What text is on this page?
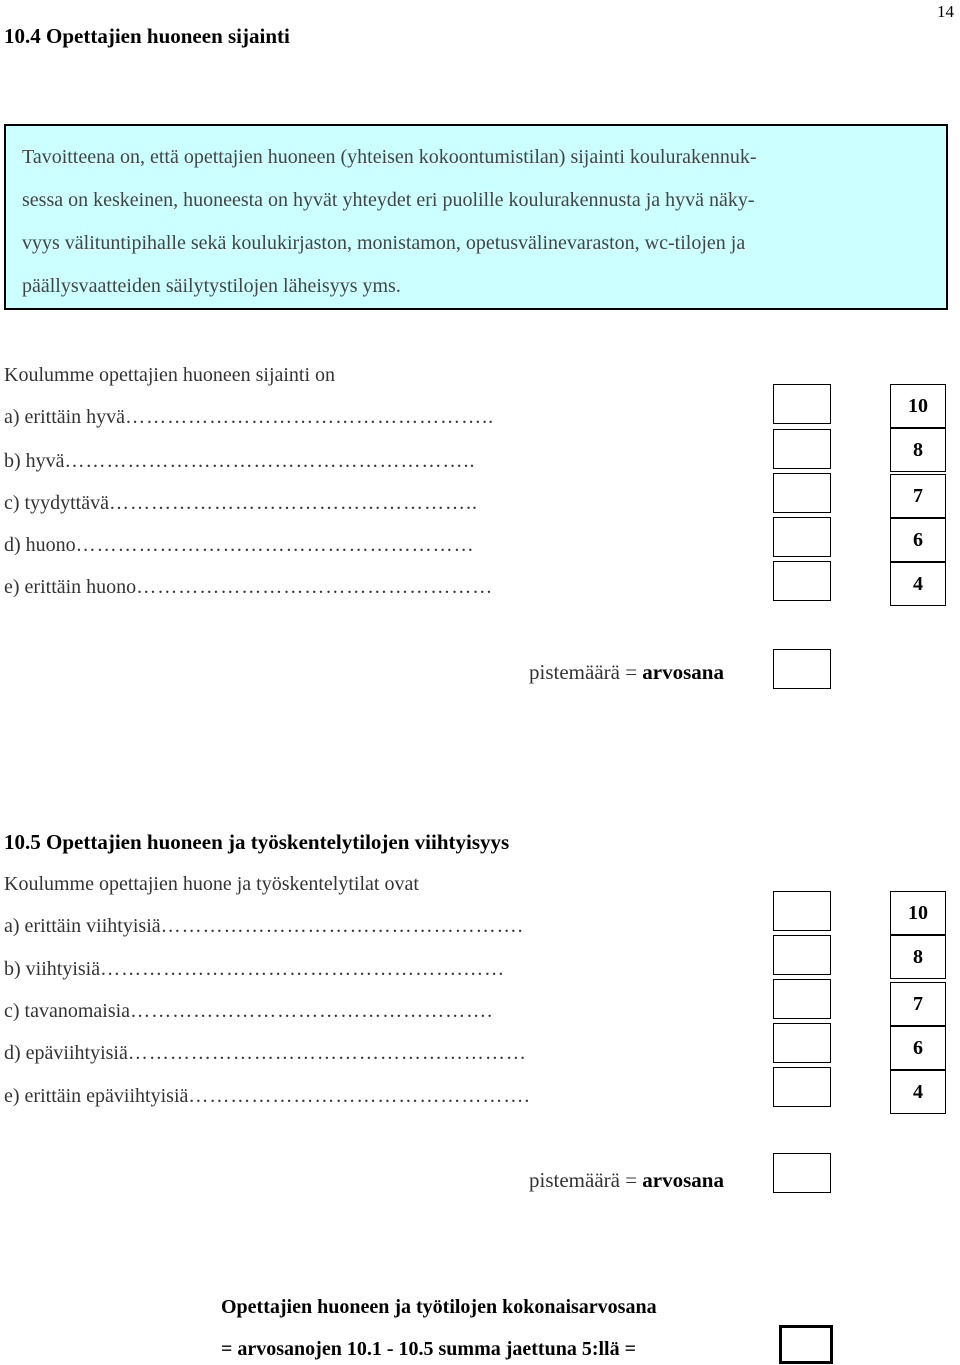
14
10.4 Opettajien huoneen sijainti

Tavoitteena on, että opettajien huoneen (yhteisen kokoontumistilan) sijainti koulurakennuk-

sessa on keskeinen, huoneesta on hyvät yhteydet eri puolille koulurakennusta ja hyvä näky-

vyys välituntipihalle sekä koulukirjaston, monistamon, opetusvälinevaraston, wc-tilojen ja

päällysvaatteiden säilytystilojen läheisyys yms.

Koulumme opettajien huoneen sijainti on
a) erittäin hyvä……………………………………………..
b) hyvä…………………………………………………..
c) tyydyttävä……………………………………………..
d) huono…………………………………………………
e) erittäin huono……………………………………………
10
8
7
6
4
pistemäärä = arvosana
10.5 Opettajien huoneen ja työskentelytilojen viihtyisyys
Koulumme opettajien huone ja työskentelytilat ovat
a) erittäin viihtyisiä…………………………………………….
b) viihtyisiä…………………………………………….……
c) tavanomaisia…………………………………………….
d) epäviihtyisiä…………………………………………………
e) erittäin epäviihtyisiä………………………………………….
10
8
7
6
4
pistemäärä = arvosana
Opettajien huoneen ja työtilojen kokonaisarvosana
= arvosanojen 10.1 - 10.5 summa jaettuna 5:llä =
